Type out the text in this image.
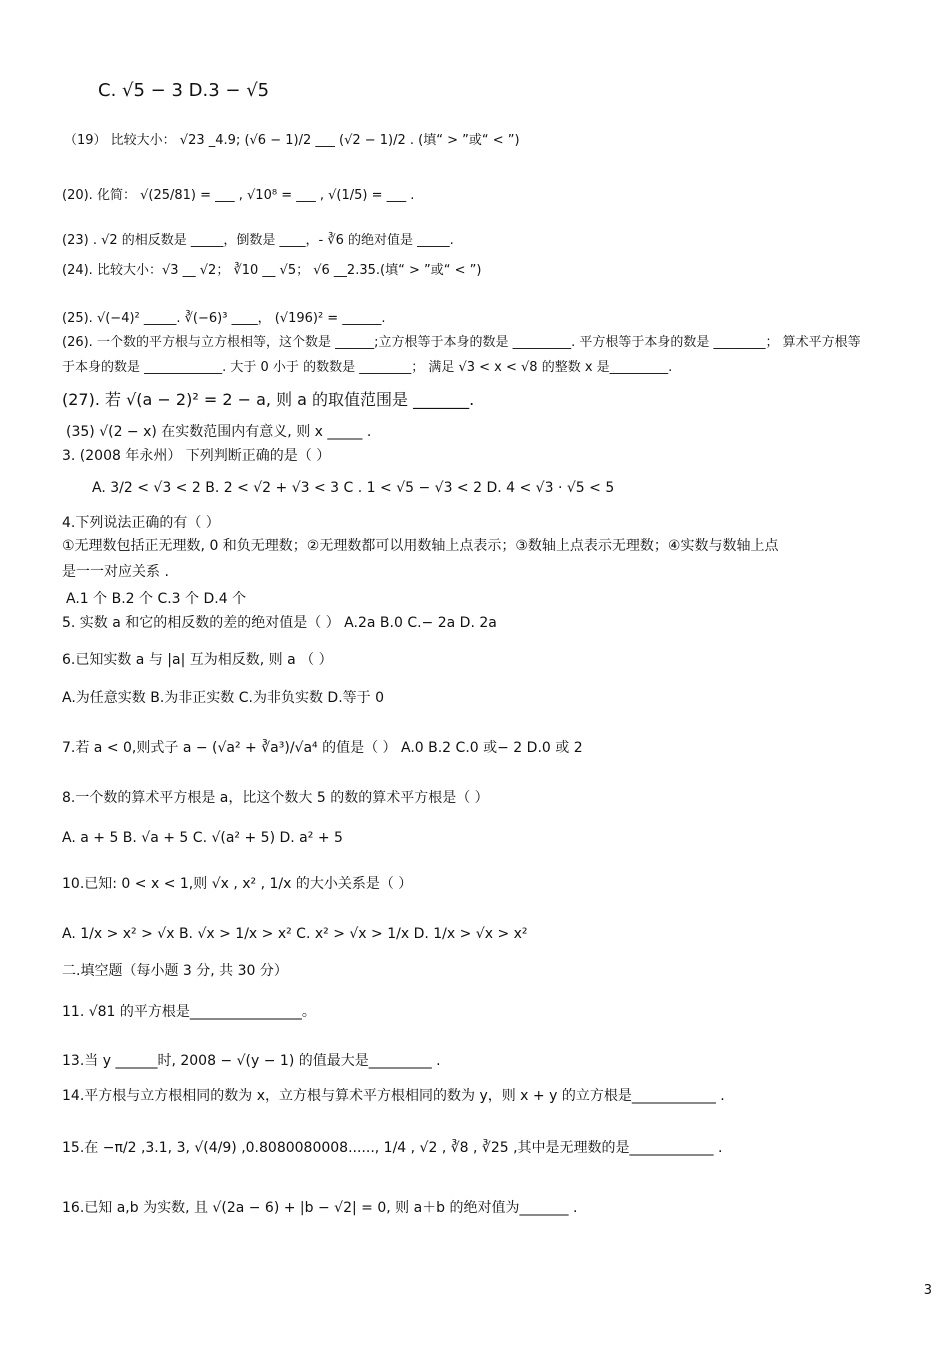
C. √5 − 3 D.3 − √5
（19） 比较大小： √23 _4.9; (√6 − 1)/2 ___ (√2 − 1)/2 . (填“ > ”或“ < ”)
(20). 化简： √(25/81) = ___ , √10⁸ = ___ , √(1/5) = ___ .
(23) . √2 的相反数是 _____，倒数是 ____，- ∛6 的绝对值是 _____.
(24). 比较大小：√3 __ √2； ∛10 __ √5； √6 __2.35.(填“ > ”或“ < ”)
(25). √(−4)² _____. ∛(−6)³ ____， (√196)² = ______.
(26). 一个数的平方根与立方根相等，这个数是 ______;立方根等于本身的数是 _________. 平方根等于本身的数是 ________； 算术平方根等
于本身的数是 ____________. 大于 0 小于 的数数是 ________； 满足 √3 < x < √8 的整数 x 是_________.
(27). 若 √(a − 2)² = 2 − a, 则 a 的取值范围是 _______.
(35) √(2 − x) 在实数范围内有意义, 则 x _____ .
3. (2008 年永州） 下列判断正确的是（ ）
A. 3/2 < √3 < 2 B. 2 < √2 + √3 < 3 C . 1 < √5 − √3 < 2 D. 4 < √3 · √5 < 5
4.下列说法正确的有（ ）
①无理数包括正无理数, 0 和负无理数；②无理数都可以用数轴上点表示；③数轴上点表示无理数；④实数与数轴上点
是一一对应关系 .
A.1 个 B.2 个 C.3 个 D.4 个
5. 实数 a 和它的相反数的差的绝对值是（ ） A.2a B.0 C.− 2a D. 2a
6.已知实数 a 与 |a| 互为相反数, 则 a （ ）
A.为任意实数 B.为非正实数 C.为非负实数 D.等于 0
7.若 a < 0,则式子 a − (√a² + ∛a³)/√a⁴ 的值是（ ） A.0 B.2 C.0 或− 2 D.0 或 2
8.一个数的算术平方根是 a，比这个数大 5 的数的算术平方根是（ ）
A. a + 5 B. √a + 5 C. √(a² + 5) D. a² + 5
10.已知: 0 < x < 1,则 √x , x² , 1/x 的大小关系是（ ）
A. 1/x > x² > √x B. √x > 1/x > x² C. x² > √x > 1/x D. 1/x > √x > x²
二.填空题（每小题 3 分, 共 30 分）
11. √81 的平方根是________________。
13.当 y ______时, 2008 − √(y − 1) 的值最大是_________ .
14.平方根与立方根相同的数为 x，立方根与算术平方根相同的数为 y，则 x + y 的立方根是____________ .
15.在 −π/2 ,3.1, 3, √(4/9) ,0.8080080008......, 1/4 , √2 , ∛8 , ∛25 ,其中是无理数的是____________ .
16.已知 a,b 为实数, 且 √(2a − 6) + |b − √2| = 0, 则 a＋b 的绝对值为_______ .
3
